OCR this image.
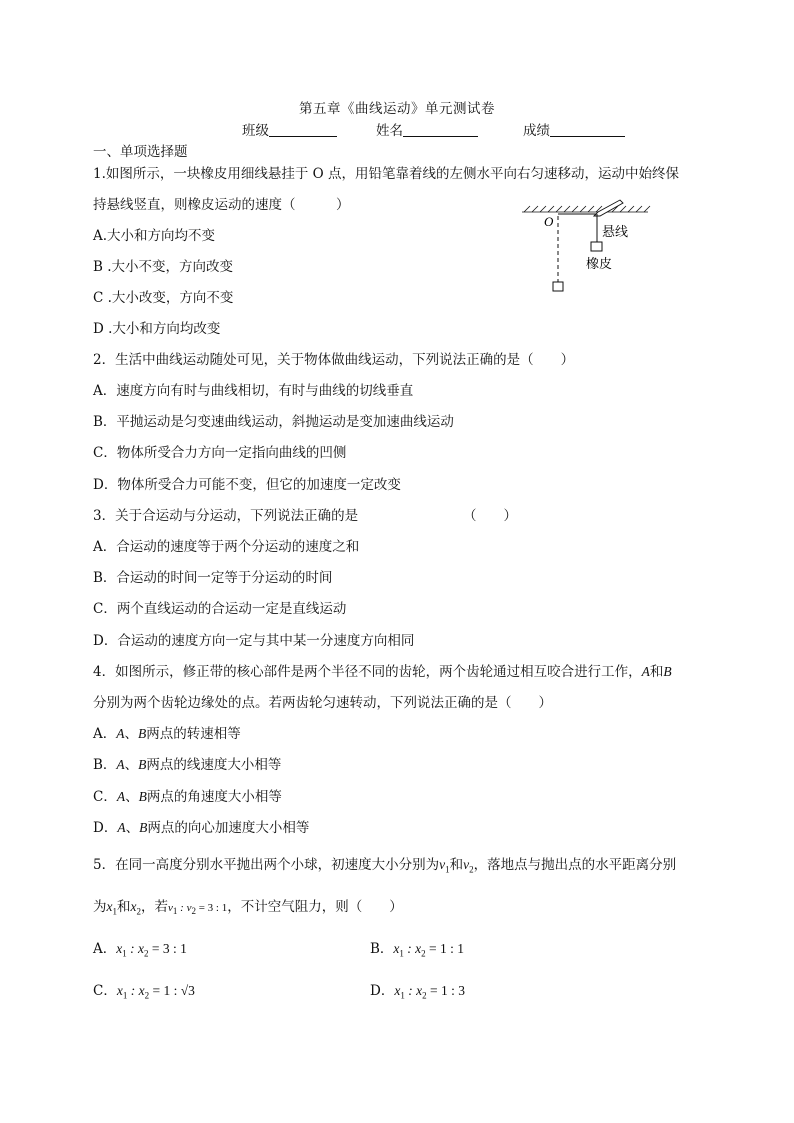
第五章《曲线运动》单元测试卷
班级	姓名	成绩
一、单项选择题
1.如图所示，一块橡皮用细线悬挂于 O 点，用铅笔靠着线的左侧水平向右匀速移动，运动中始终保
持悬线竖直，则橡皮运动的速度（　　　）
A.大小和方向均不变
B .大小不变，方向改变
C .大小改变，方向不变
D .大小和方向均改变
O
悬线
橡皮
2．生活中曲线运动随处可见，关于物体做曲线运动，下列说法正确的是（　　）
A．速度方向有时与曲线相切，有时与曲线的切线垂直
B．平抛运动是匀变速曲线运动，斜抛运动是变加速曲线运动
C．物体所受合力方向一定指向曲线的凹侧
D．物体所受合力可能不变，但它的加速度一定改变
3．关于合运动与分运动，下列说法正确的是	（　　）
A．合运动的速度等于两个分运动的速度之和
B．合运动的时间一定等于分运动的时间
C．两个直线运动的合运动一定是直线运动
D．合运动的速度方向一定与其中某一分速度方向相同
4．如图所示，修正带的核心部件是两个半径不同的齿轮，两个齿轮通过相互咬合进行工作，A和B
分别为两个齿轮边缘处的点。若两齿轮匀速转动，下列说法正确的是（　　）
A．A、B两点的转速相等
B．A、B两点的线速度大小相等
C．A、B两点的角速度大小相等
D．A、B两点的向心加速度大小相等
5．在同一高度分别水平抛出两个小球，初速度大小分别为$v_1$和$v_2$，落地点与抛出点的水平距离分别
为$x_1$和$x_2$，若$v_1$ : $v_2 = 3$ : 1，不计空气阻力，则（　　）
A．$x_1$ : $x_2 = 3$ : 1	B．$x_1$ : $x_2 = 1$ : 1
C．$x_1$ : $x_2 = 1$ : √3	D．$x_1$ : $x_2 = 1$ : 3
